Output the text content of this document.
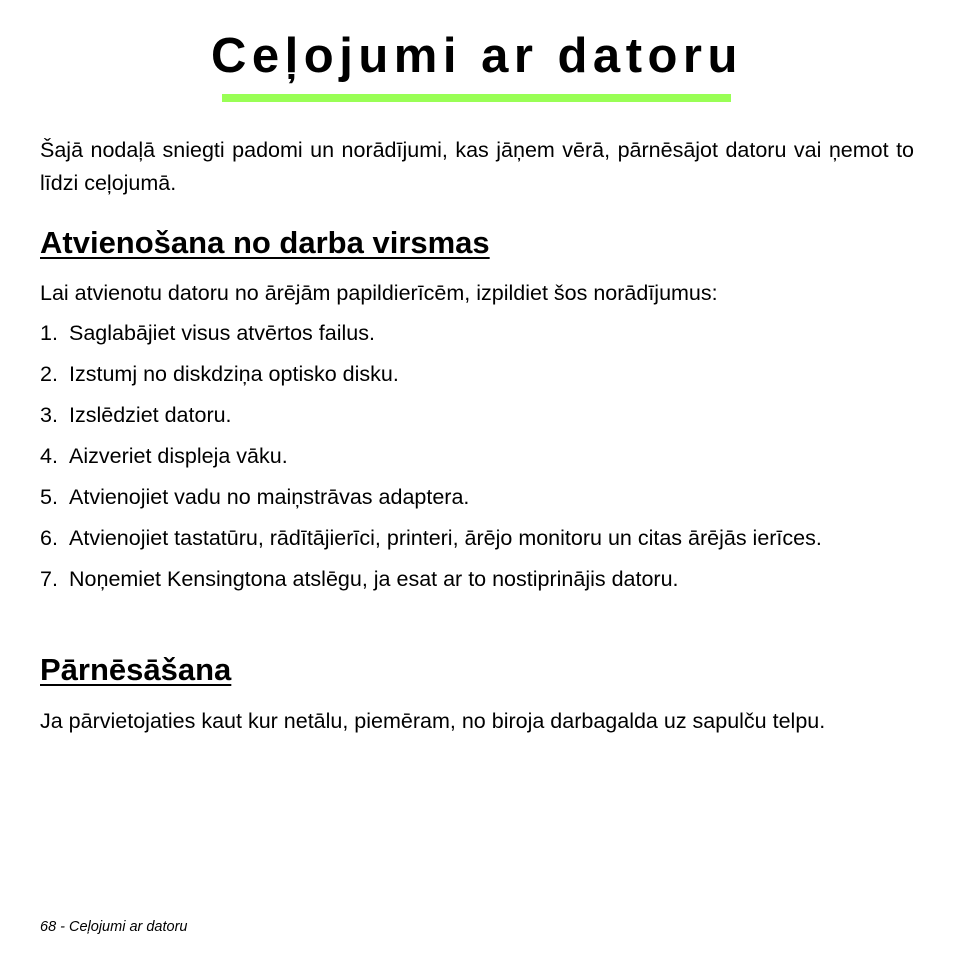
Ceļojumi ar datoru

Šajā nodaļā sniegti padomi un norādījumi, kas jāņem vērā, pārnēsājot datoru vai ņemot to līdzi ceļojumā.

Atvienošana no darba virsmas

Lai atvienotu datoru no ārējām papildierīcēm, izpildiet šos norādījumus:

1. Saglabājiet visus atvērtos failus.
2. Izstumj no diskdziņa optisko disku.
3. Izslēdziet datoru.
4. Aizveriet displeja vāku.
5. Atvienojiet vadu no maiņstrāvas adaptera.
6. Atvienojiet tastatūru, rādītājierīci, printeri, ārējo monitoru un citas ārējās ierīces.
7. Noņemiet Kensingtona atslēgu, ja esat ar to nostiprinājis datoru.
Pārnēsāšana

Ja pārvietojaties kaut kur netālu, piemēram, no biroja darbagalda uz sapulču telpu.

68 - Ceļojumi ar datoru
